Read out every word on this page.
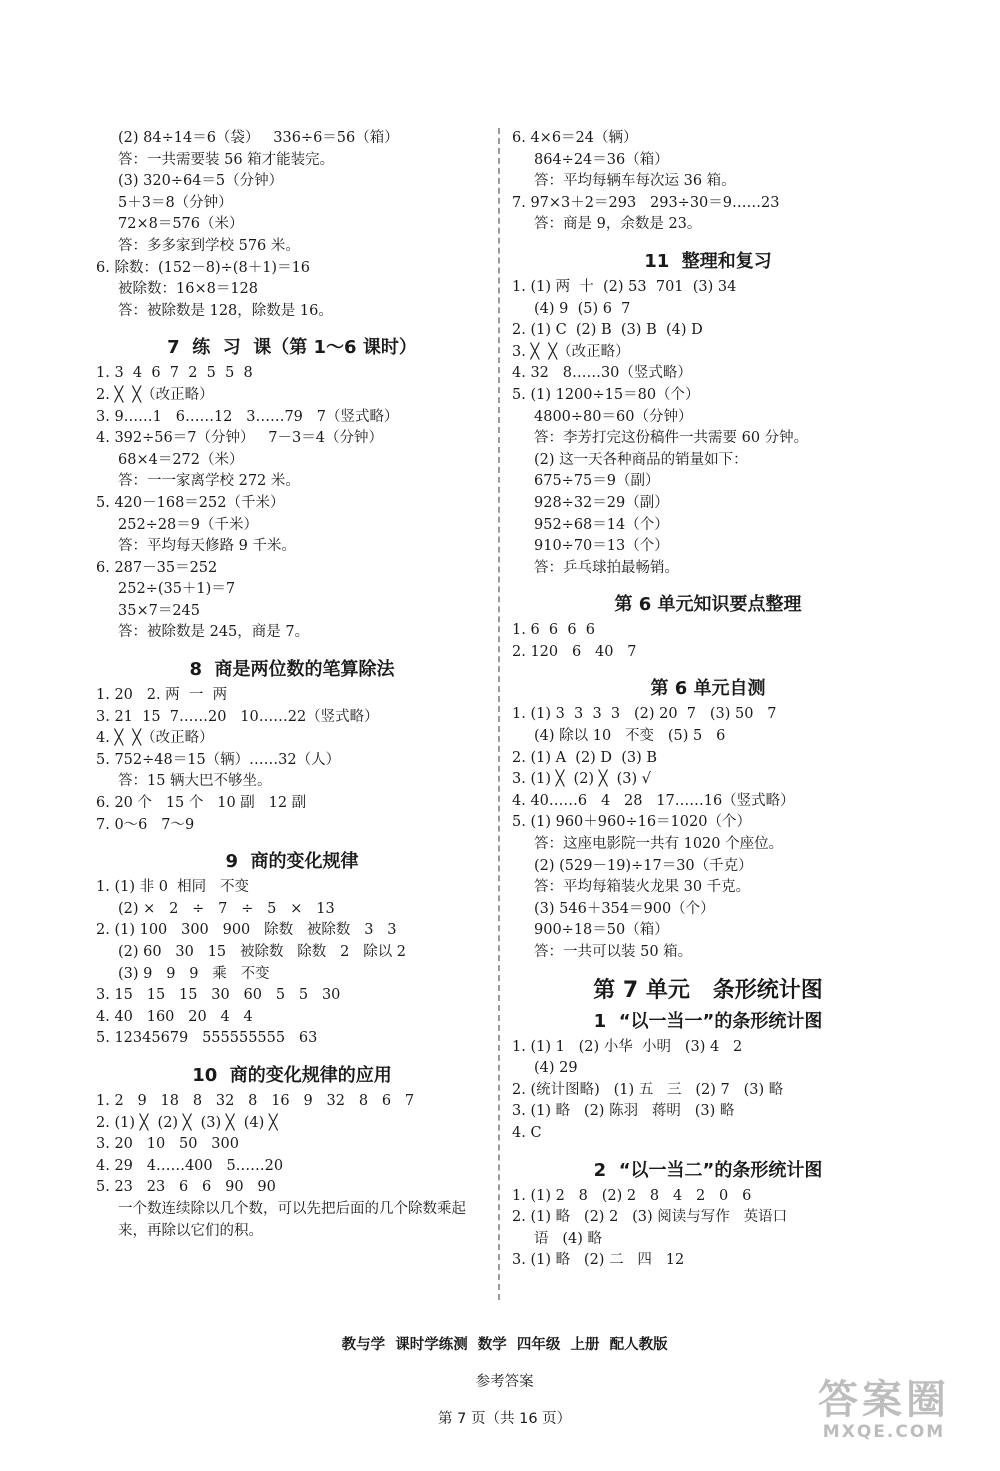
(2) 84÷14＝6（袋）   336÷6＝56（箱）
答：一共需要装 56 箱才能装完。
(3) 320÷64＝5（分钟）
5＋3＝8（分钟）
72×8＝576（米）
答：多多家到学校 576 米。
6. 除数：(152－8)÷(8＋1)＝16
被除数：16×8＝128
答：被除数是 128，除数是 16。
7  练  习  课（第 1～6 课时）
1. 3  4  6  7  2  5  5  8
2. ╳  ╳（改正略）
3. 9……1   6……12   3……79   7（竖式略）
4. 392÷56＝7（分钟）   7－3＝4（分钟）
68×4＝272（米）
答：一一家离学校 272 米。
5. 420－168＝252（千米）
252÷28＝9（千米）
答：平均每天修路 9 千米。
6. 287－35＝252
252÷(35＋1)＝7
35×7＝245
答：被除数是 245，商是 7。
8  商是两位数的笔算除法
1. 20   2. 两  一  两
3. 21  15  7……20   10……22（竖式略）
4. ╳  ╳（改正略）
5. 752÷48＝15（辆）……32（人）
答：15 辆大巴不够坐。
6. 20 个   15 个   10 副   12 副
7. 0～6   7～9
9  商的变化规律
1. (1) 非 0  相同   不变
(2) ×   2   ÷   7   ÷   5   ×   13
2. (1) 100   300   900   除数   被除数   3   3
(2) 60   30   15   被除数   除数   2   除以 2
(3) 9   9   9   乘   不变
3. 15   15   15   30   60   5   5   30
4. 40   160   20   4   4
5. 12345679   555555555   63
10  商的变化规律的应用
1. 2   9   18   8   32   8   16   9   32   8   6   7
2. (1) ╳  (2) ╳  (3) ╳  (4) ╳
3. 20   10   50   300
4. 29   4……400   5……20
5. 23   23   6   6   90   90
一个数连续除以几个数，可以先把后面的几个除数乘起来，再除以它们的积。
6. 4×6＝24（辆）
864÷24＝36（箱）
答：平均每辆车每次运 36 箱。
7. 97×3＋2＝293   293÷30＝9……23
答：商是 9，余数是 23。
11  整理和复习
1. (1) 两  十  (2) 53  701  (3) 34
(4) 9  (5) 6  7
2. (1) C  (2) B  (3) B  (4) D
3. ╳  ╳（改正略）
4. 32   8……30（竖式略）
5. (1) 1200÷15＝80（个）
4800÷80＝60（分钟）
答：李芳打完这份稿件一共需要 60 分钟。
(2) 这一天各种商品的销量如下：
675÷75＝9（副）
928÷32＝29（副）
952÷68＝14（个）
910÷70＝13（个）
答：乒乓球拍最畅销。
第 6 单元知识要点整理
1. 6  6  6  6
2. 120   6   40   7
第 6 单元自测
1. (1) 3  3  3  3   (2) 20  7   (3) 50   7
(4) 除以 10   不变   (5) 5   6
2. (1) A  (2) D  (3) B
3. (1) ╳  (2) ╳  (3) √
4. 40……6   4   28   17……16（竖式略）
5. (1) 960＋960÷16＝1020（个）
答：这座电影院一共有 1020 个座位。
(2) (529－19)÷17＝30（千克）
答：平均每箱装火龙果 30 千克。
(3) 546＋354＝900（个）
900÷18＝50（箱）
答：一共可以装 50 箱。
第 7 单元   条形统计图
1  “以一当一”的条形统计图
1. (1) 1   (2) 小华  小明   (3) 4   2
(4) 29
2. (统计图略)   (1) 五   三   (2) 7   (3) 略
3. (1) 略   (2) 陈羽   蒋明   (3) 略
4. C
2  “以一当二”的条形统计图
1. (1) 2   8   (2) 2   8   4   2   0   6
2. (1) 略   (2) 2   (3) 阅读与写作   英语口
语   (4) 略
3. (1) 略   (2) 二   四   12

教与学  课时学练测  数学  四年级  上册  配人教版

参考答案

第 7 页（共 16 页）	答案圈
MXQE.COM
